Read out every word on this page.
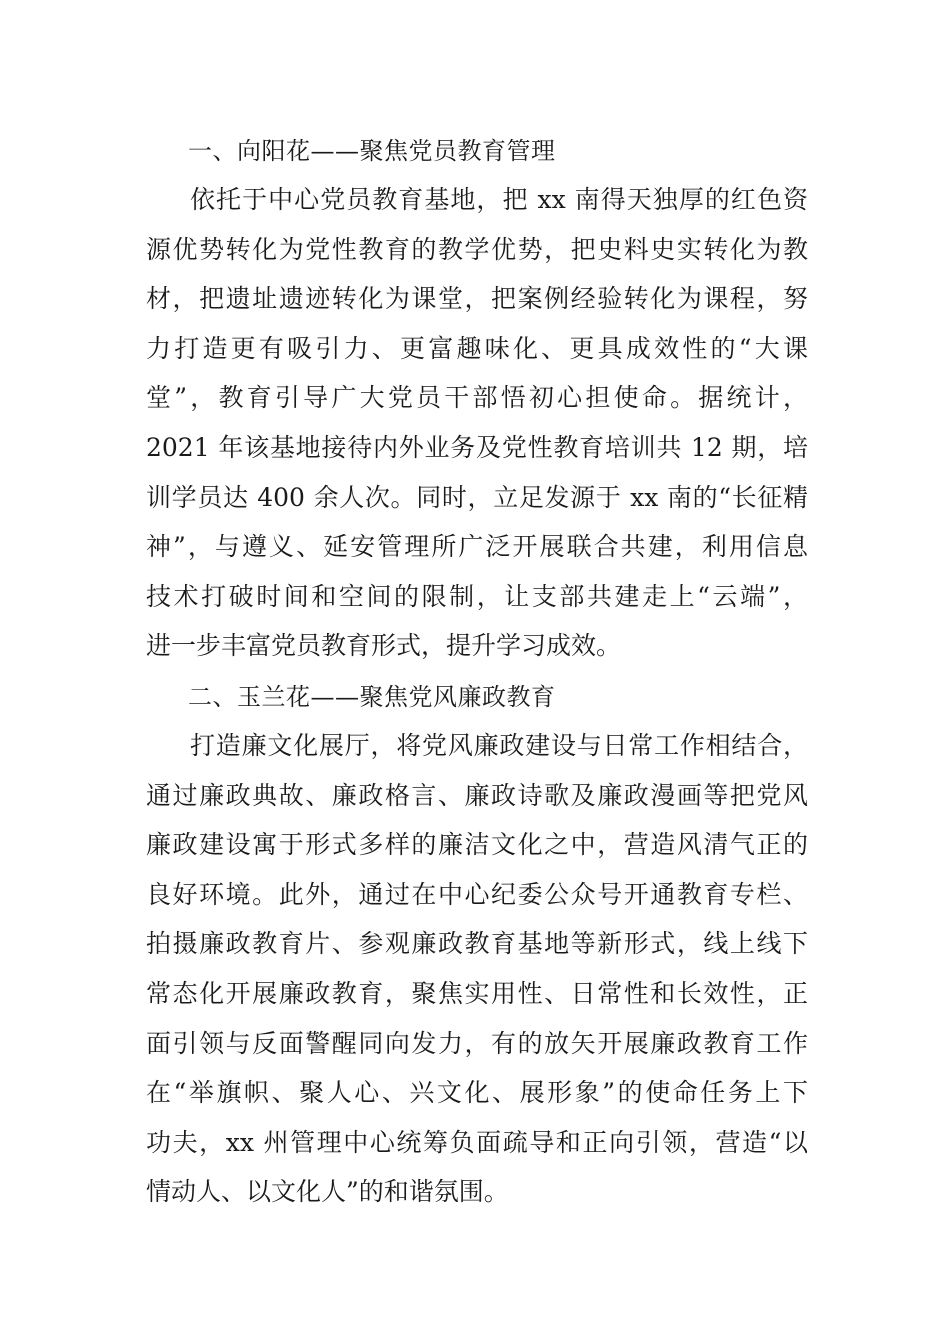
一、向阳花——聚焦党员教育管理
依托于中心党员教育基地，把 xx 南得天独厚的红色资
源优势转化为党性教育的教学优势，把史料史实转化为教
材，把遗址遗迹转化为课堂，把案例经验转化为课程，努
力打造更有吸引力、更富趣味化、更具成效性的“大课
堂”，教育引导广大党员干部悟初心担使命。据统计，
2021 年该基地接待内外业务及党性教育培训共 12 期，培
训学员达 400 余人次。同时，立足发源于 xx 南的“长征精
神”，与遵义、延安管理所广泛开展联合共建，利用信息
技术打破时间和空间的限制，让支部共建走上“云端”，
进一步丰富党员教育形式，提升学习成效。
二、玉兰花——聚焦党风廉政教育
打造廉文化展厅，将党风廉政建设与日常工作相结合，
通过廉政典故、廉政格言、廉政诗歌及廉政漫画等把党风
廉政建设寓于形式多样的廉洁文化之中，营造风清气正的
良好环境。此外，通过在中心纪委公众号开通教育专栏、
拍摄廉政教育片、参观廉政教育基地等新形式，线上线下
常态化开展廉政教育，聚焦实用性、日常性和长效性，正
面引领与反面警醒同向发力，有的放矢开展廉政教育工作
在“举旗帜、聚人心、兴文化、展形象”的使命任务上下
功夫，xx 州管理中心统筹负面疏导和正向引领，营造“以
情动人、以文化人”的和谐氛围。
